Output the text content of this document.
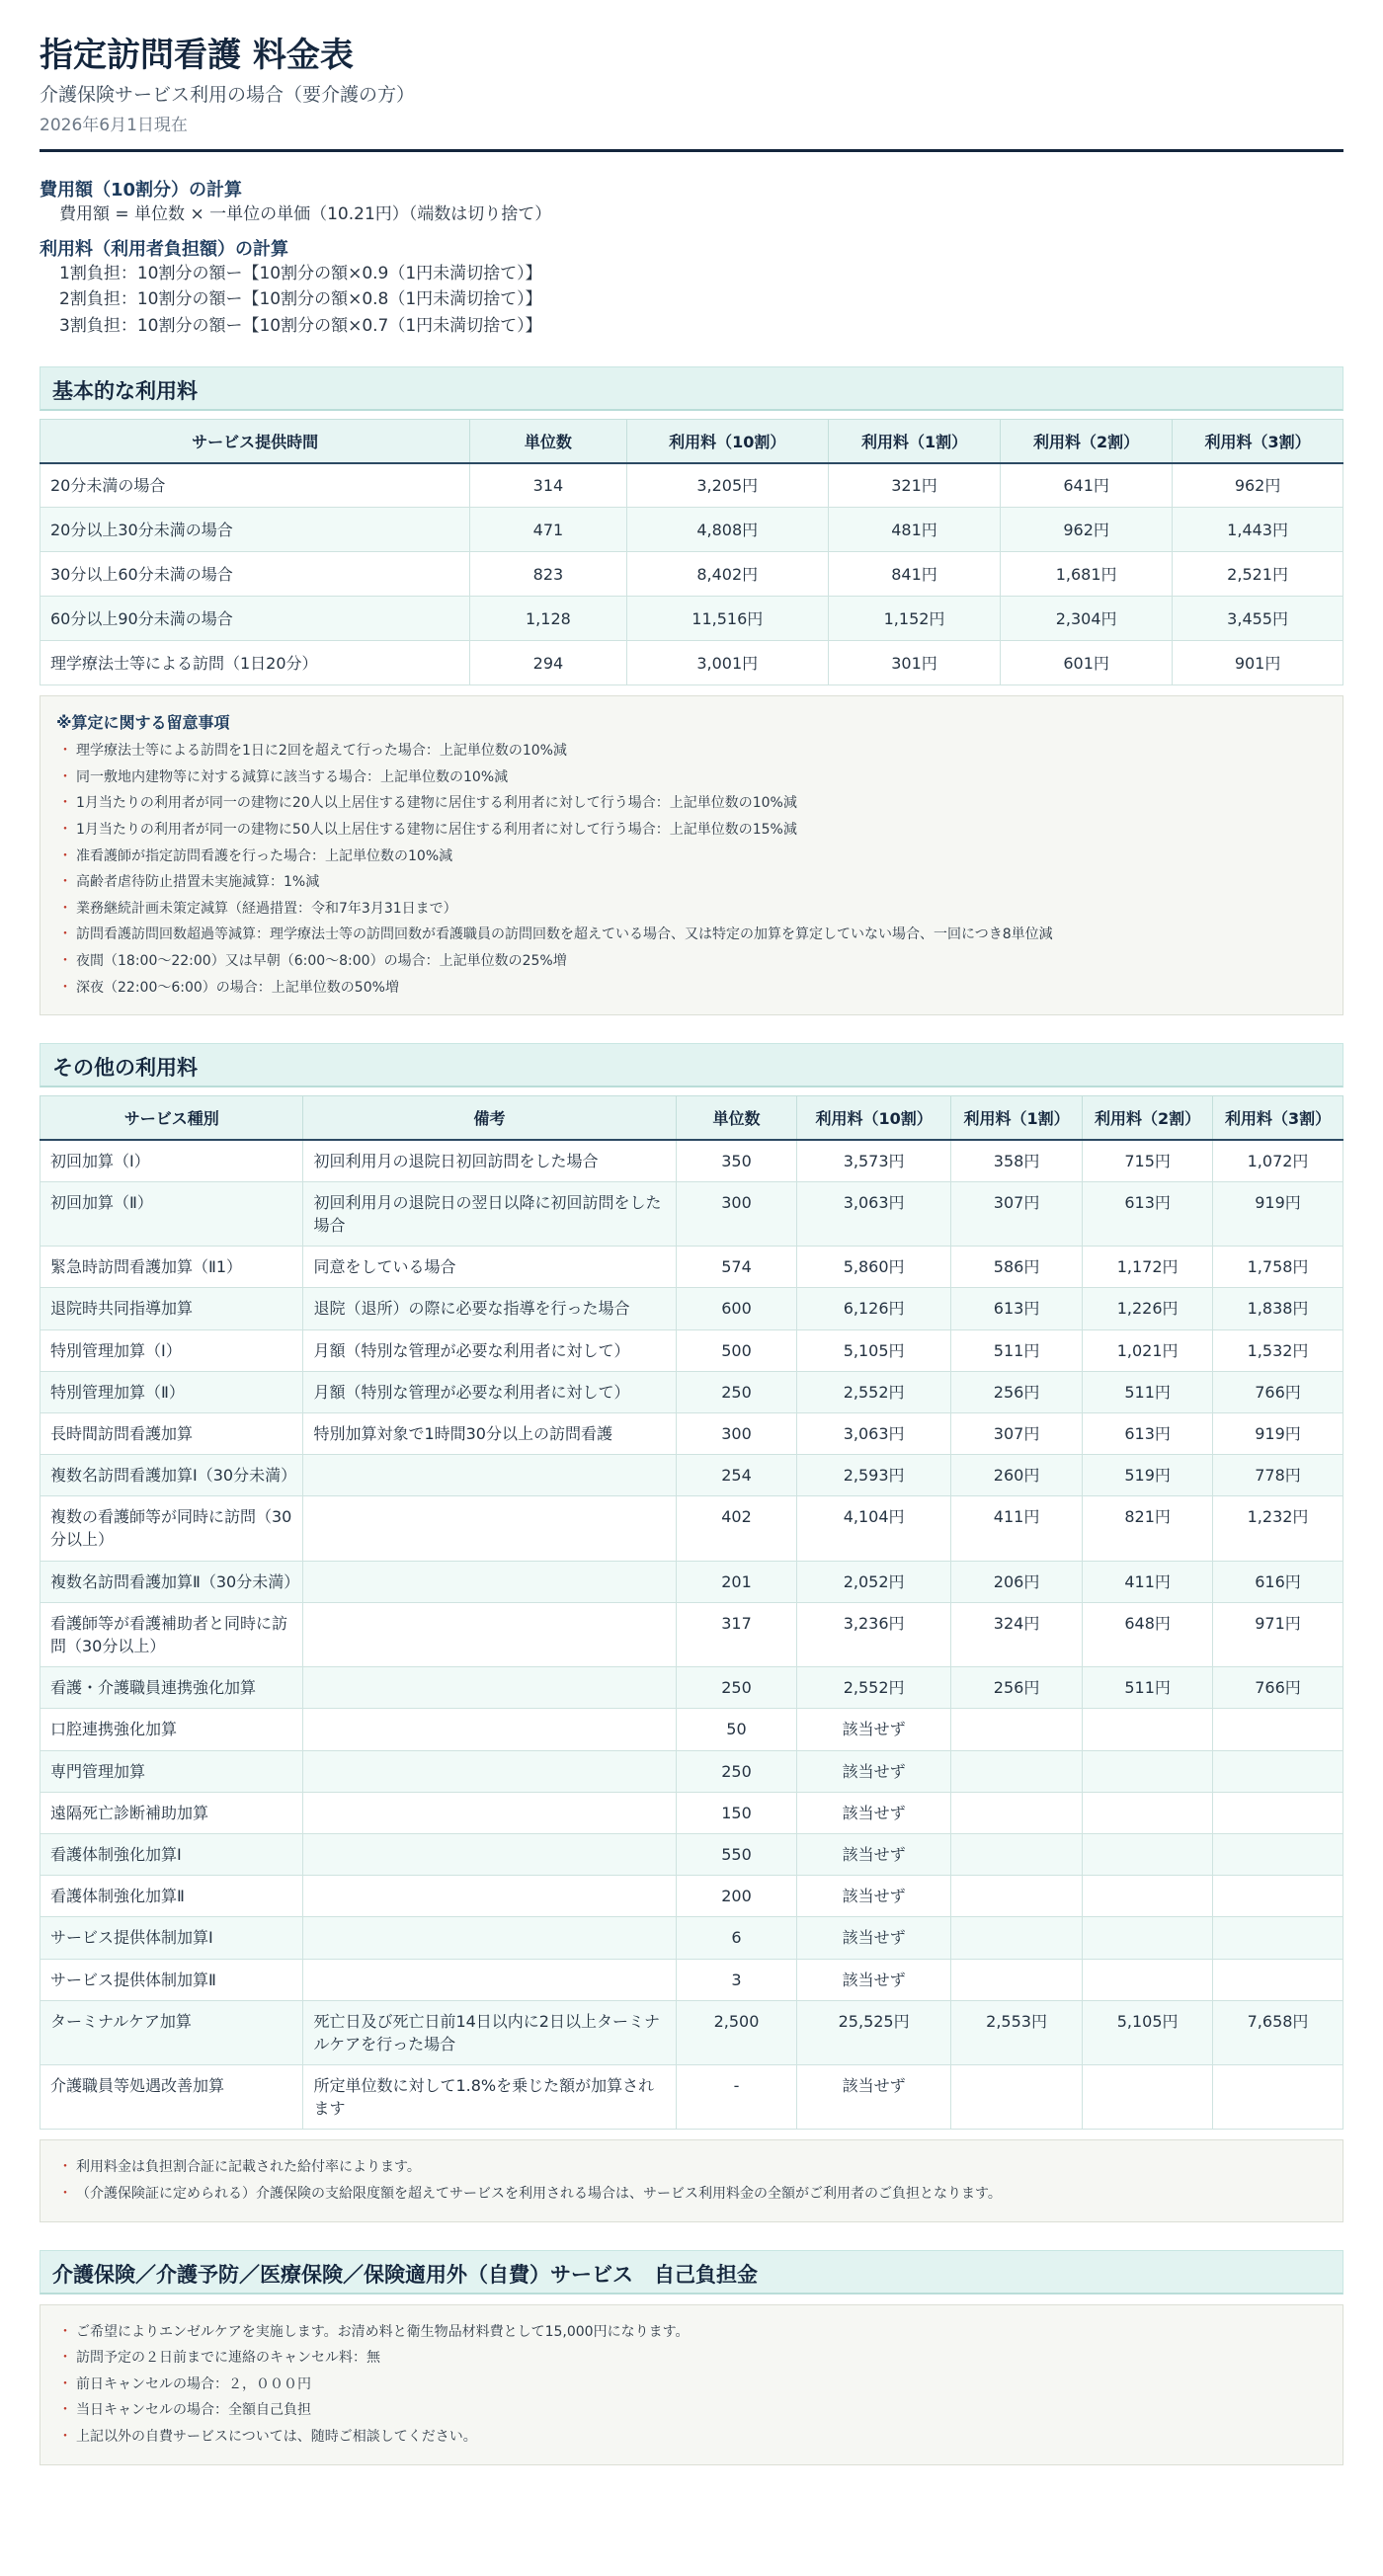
指定訪問看護 料金表
介護保険サービス利用の場合（要介護の方）
2026年6月1日現在
費用額（10割分）の計算
費用額 = 単位数 × 一単位の単価（10.21円）（端数は切り捨て）
利用料（利用者負担額）の計算
1割負担：10割分の額ー【10割分の額×0.9（1円未満切捨て）】
2割負担：10割分の額ー【10割分の額×0.8（1円未満切捨て）】
3割負担：10割分の額ー【10割分の額×0.7（1円未満切捨て）】
基本的な利用料
サービス提供時間	単位数	利用料（10割）	利用料（1割）	利用料（2割）	利用料（3割）
20分未満の場合	314	3,205円	321円	641円	962円
20分以上30分未満の場合	471	4,808円	481円	962円	1,443円
30分以上60分未満の場合	823	8,402円	841円	1,681円	2,521円
60分以上90分未満の場合	1,128	11,516円	1,152円	2,304円	3,455円
理学療法士等による訪問（1日20分）	294	3,001円	301円	601円	901円
※算定に関する留意事項
・ 理学療法士等による訪問を1日に2回を超えて行った場合：上記単位数の10%減
・ 同一敷地内建物等に対する減算に該当する場合：上記単位数の10%減
・ 1月当たりの利用者が同一の建物に20人以上居住する建物に居住する利用者に対して行う場合：上記単位数の10%減
・ 1月当たりの利用者が同一の建物に50人以上居住する建物に居住する利用者に対して行う場合：上記単位数の15%減
・ 准看護師が指定訪問看護を行った場合：上記単位数の10%減
・ 高齢者虐待防止措置未実施減算：1%減
・ 業務継続計画未策定減算（経過措置：令和7年3月31日まで）
・ 訪問看護訪問回数超過等減算：理学療法士等の訪問回数が看護職員の訪問回数を超えている場合、又は特定の加算を算定していない場合、一回につき8単位減
・ 夜間（18:00〜22:00）又は早朝（6:00〜8:00）の場合：上記単位数の25%増
・ 深夜（22:00〜6:00）の場合：上記単位数の50%増
その他の利用料
サービス種別	備考	単位数	利用料（10割）	利用料（1割）	利用料（2割）	利用料（3割）
初回加算（Ⅰ）	初回利用月の退院日初回訪問をした場合	350	3,573円	358円	715円	1,072円
初回加算（Ⅱ）	初回利用月の退院日の翌日以降に初回訪問をした場合	300	3,063円	307円	613円	919円
緊急時訪問看護加算（Ⅱ1）	同意をしている場合	574	5,860円	586円	1,172円	1,758円
退院時共同指導加算	退院（退所）の際に必要な指導を行った場合	600	6,126円	613円	1,226円	1,838円
特別管理加算（Ⅰ）	月額（特別な管理が必要な利用者に対して）	500	5,105円	511円	1,021円	1,532円
特別管理加算（Ⅱ）	月額（特別な管理が必要な利用者に対して）	250	2,552円	256円	511円	766円
長時間訪問看護加算	特別加算対象で1時間30分以上の訪問看護	300	3,063円	307円	613円	919円
複数名訪問看護加算Ⅰ（30分未満）		254	2,593円	260円	519円	778円
複数の看護師等が同時に訪問（30分以上）		402	4,104円	411円	821円	1,232円
複数名訪問看護加算Ⅱ（30分未満）		201	2,052円	206円	411円	616円
看護師等が看護補助者と同時に訪問（30分以上）		317	3,236円	324円	648円	971円
看護・介護職員連携強化加算		250	2,552円	256円	511円	766円
口腔連携強化加算		50	該当せず			
専門管理加算		250	該当せず			
遠隔死亡診断補助加算		150	該当せず			
看護体制強化加算Ⅰ		550	該当せず			
看護体制強化加算Ⅱ		200	該当せず			
サービス提供体制加算Ⅰ		6	該当せず			
サービス提供体制加算Ⅱ		3	該当せず			
ターミナルケア加算	死亡日及び死亡日前14日以内に2日以上ターミナルケアを行った場合	2,500	25,525円	2,553円	5,105円	7,658円
介護職員等処遇改善加算	所定単位数に対して1.8%を乗じた額が加算されます	-	該当せず			
・ 利用料金は負担割合証に記載された給付率によります。
・ （介護保険証に定められる）介護保険の支給限度額を超えてサービスを利用される場合は、サービス利用料金の全額がご利用者のご負担となります。
介護保険／介護予防／医療保険／保険適用外（自費）サービス　自己負担金
・ ご希望によりエンゼルケアを実施します。お清め料と衛生物品材料費として15,000円になります。
・ 訪問予定の２日前までに連絡のキャンセル料：無
・ 前日キャンセルの場合：２，０００円
・ 当日キャンセルの場合：全額自己負担
・ 上記以外の自費サービスについては、随時ご相談してください。
